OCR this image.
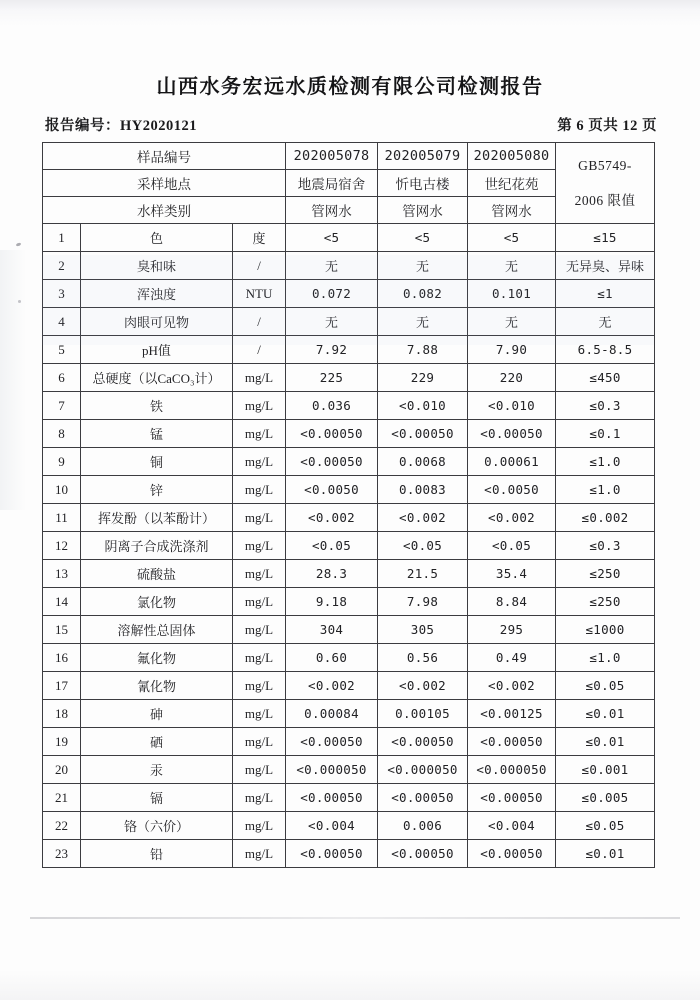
山西水务宏远水质检测有限公司检测报告
报告编号：HY2020121	第 6 页共 12 页
样品编号			202005078	202005079	202005080	GB5749-
2006 限值

采样地点			地震局宿舍	忻电古楼	世纪花苑	
水样类别			管网水	管网水	管网水	
1	色	度	<5	<5	<5	≤15
2	臭和味	/	无	无	无	无异臭、异味
3	浑浊度	NTU	0.072	0.082	0.101	≤1
4	肉眼可见物	/	无	无	无	无
5	pH值	/	7.92	7.88	7.90	6.5-8.5
6	总硬度（以CaCO₃计）	mg/L	225	229	220	≤450
7	铁	mg/L	0.036	<0.010	<0.010	≤0.3
8	锰	mg/L	<0.00050	<0.00050	<0.00050	≤0.1
9	铜	mg/L	<0.00050	0.0068	0.00061	≤1.0
10	锌	mg/L	<0.0050	0.0083	<0.0050	≤1.0
11	挥发酚（以苯酚计）	mg/L	<0.002	<0.002	<0.002	≤0.002
12	阴离子合成洗涤剂	mg/L	<0.05	<0.05	<0.05	≤0.3
13	硫酸盐	mg/L	28.3	21.5	35.4	≤250
14	氯化物	mg/L	9.18	7.98	8.84	≤250
15	溶解性总固体	mg/L	304	305	295	≤1000
16	氟化物	mg/L	0.60	0.56	0.49	≤1.0
17	氰化物	mg/L	<0.002	<0.002	<0.002	≤0.05
18	砷	mg/L	0.00084	0.00105	<0.00125	≤0.01
19	硒	mg/L	<0.00050	<0.00050	<0.00050	≤0.01
20	汞	mg/L	<0.000050	<0.000050	<0.000050	≤0.001
21	镉	mg/L	<0.00050	<0.00050	<0.00050	≤0.005
22	铬（六价）	mg/L	<0.004	0.006	<0.004	≤0.05
23	铅	mg/L	<0.00050	<0.00050	<0.00050	≤0.01
